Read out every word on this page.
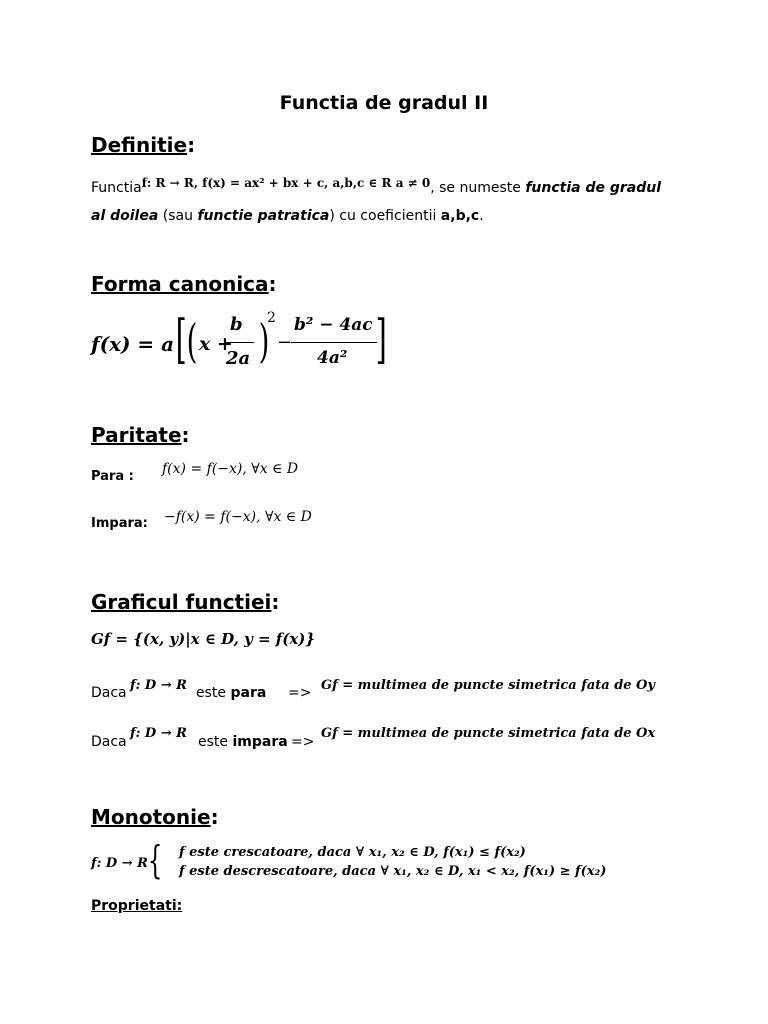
Functia de gradul II
Definitie:
Functiaf: R → R, f(x) = ax² + bx + c, a,b,c ∈ R a ≠ 0, se numeste functia de gradul
al doilea (sau functie patratica) cu coeficientii a,b,c.
Forma canonica:
f(x) = a [ ( x +
b
2a )
2
−
b² − 4ac
4a² ]
Paritate:
Para : f(x) = f(−x), ∀x ∈ D
Impara: −f(x) = f(−x), ∀x ∈ D
Graficul functiei:
Gf = {(x, y)|x ∈ D, y = f(x)}
Daca f: D → R este para => Gf = multimea de puncte simetrica fata de Oy
Daca
f: D → R
este impara =>
Gf = multimea de puncte simetrica fata de Ox
Monotonie:
f: D → R { f este crescatoare, daca ∀ x₁, x₂ ∈ D, f(x₁) ≤ f(x₂)
f este descrescatoare, daca ∀ x₁, x₂ ∈ D, x₁ < x₂, f(x₁) ≥ f(x₂)
Proprietati:
